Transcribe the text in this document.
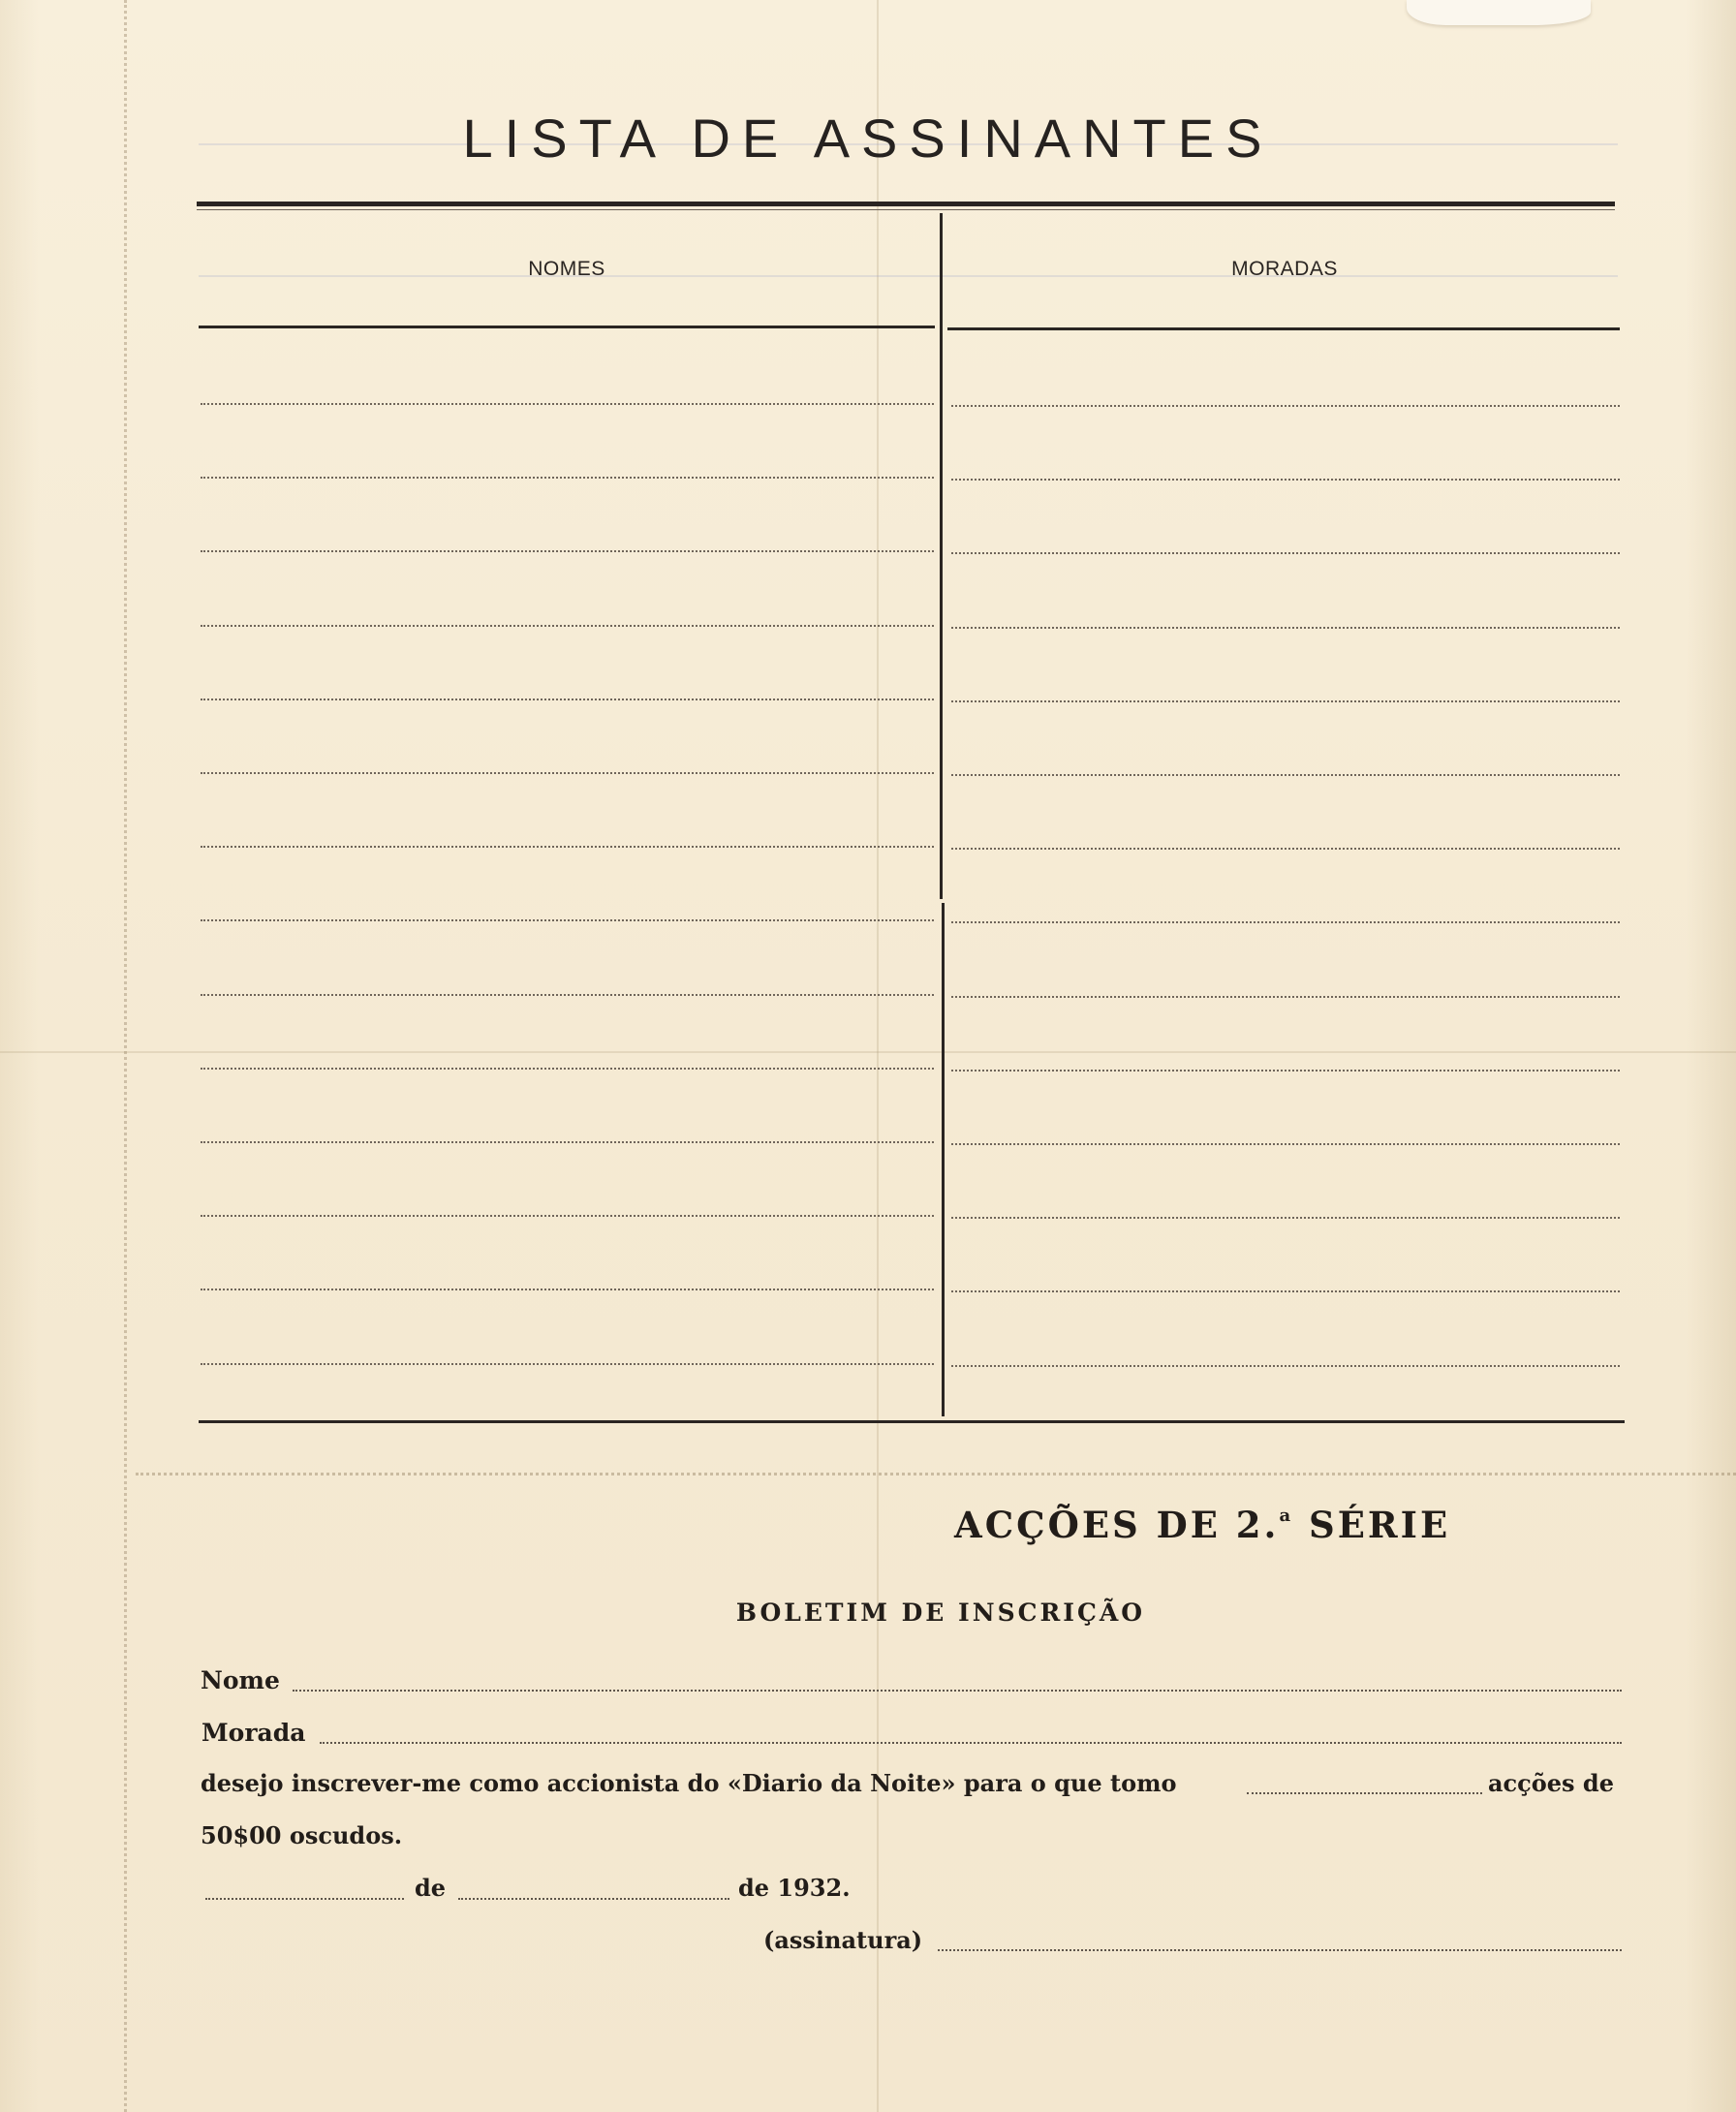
LISTA DE ASSINANTES
NOMES	MORADAS
ACÇÕES DE 2.$^a$ SÉRIE
BOLETIM DE INSCRIÇÃO
Nome
Morada
desejo inscrever-me como accionista do «Diario da Noite» para o que tomo	acções de
50$00 oscudos.
de	de 1932.
(assinatura)
